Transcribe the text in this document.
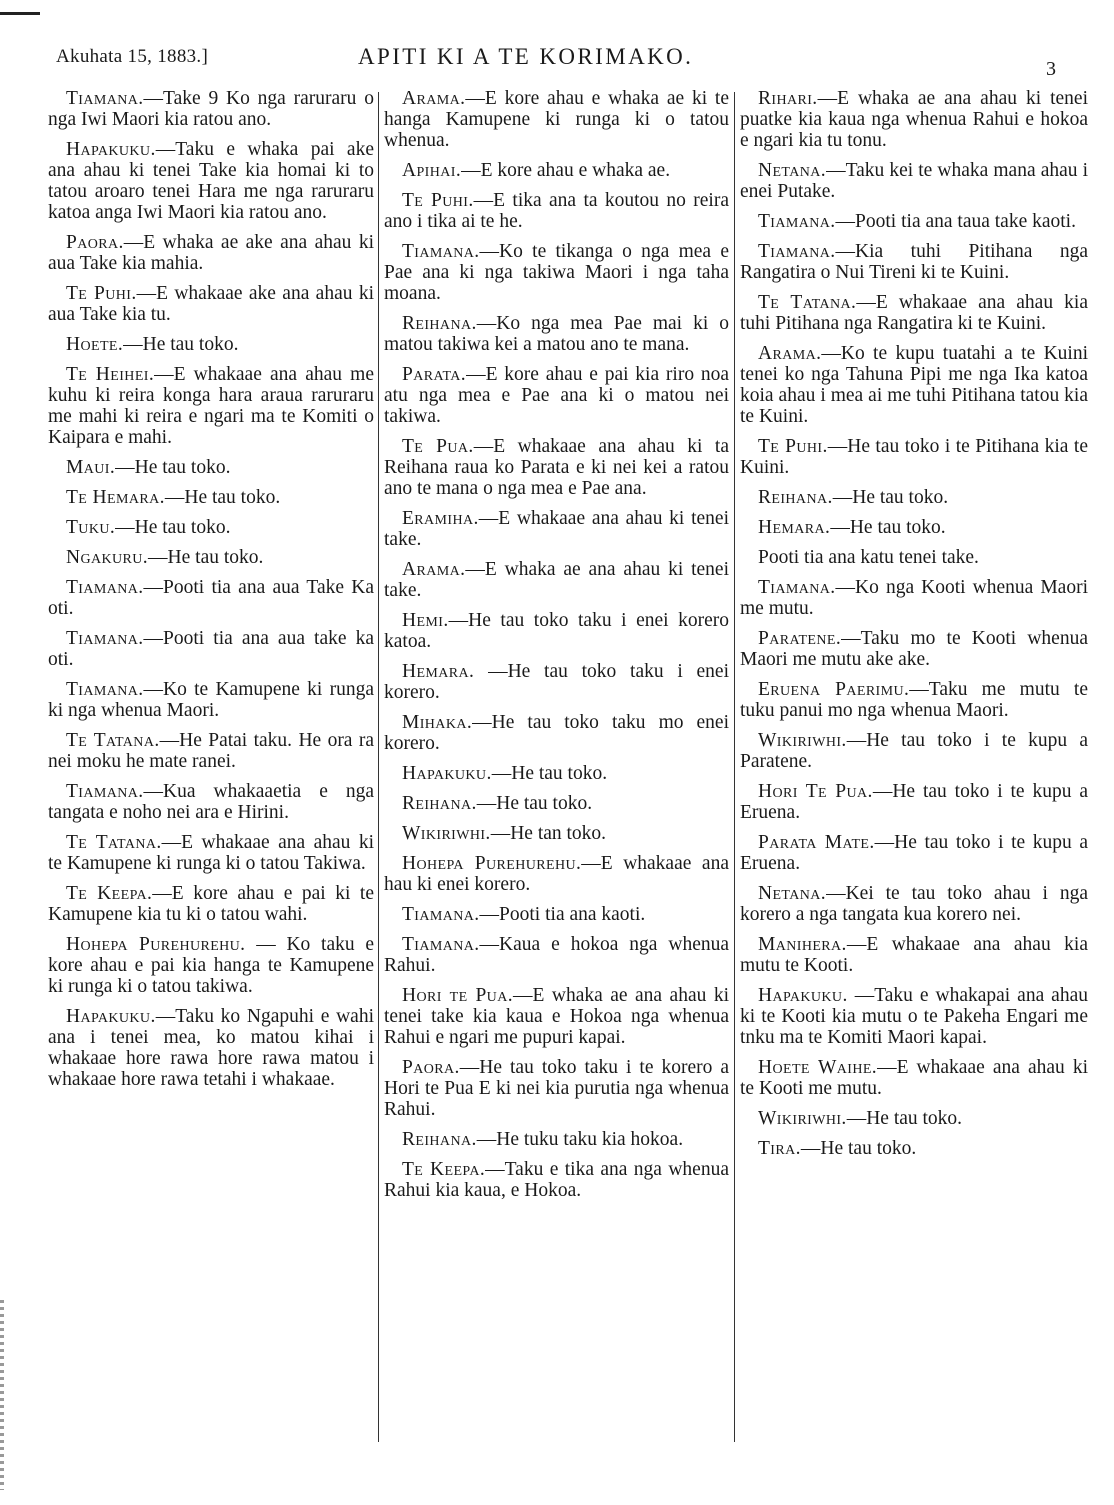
Akuhata 15, 1883.]	APITI KI A TE KORIMAKO.	3

Tiamana.—Take 9 Ko nga raruraru o nga Iwi Maori kia ratou ano.

Hapakuku.—Taku e whaka pai ake ana ahau ki tenei Take kia homai ki to tatou aroaro tenei Hara me nga raruraru katoa anga Iwi Maori kia ratou ano.

Paora.—E whaka ae ake ana ahau ki aua Take kia mahia.

Te Puhi.—E whakaae ake ana ahau ki aua Take kia tu.

Hoete.—He tau toko.

Te Heihei.—E whakaae ana ahau me kuhu ki reira konga hara araua raruraru me mahi ki reira e ngari ma te Komiti o Kaipara e mahi.

Maui.—He tau toko.

Te Hemara.—He tau toko.

Tuku.—He tau toko.

Ngakuru.—He tau toko.

Tiamana.—Pooti tia ana aua Take Ka oti.

Tiamana.—Pooti tia ana aua take ka oti.

Tiamana.—Ko te Kamupene ki runga ki nga whenua Maori.

Te Tatana.—He Patai taku. He ora ra nei moku he mate ranei.

Tiamana.—Kua whakaaetia e nga tangata e noho nei ara e Hirini.

Te Tatana.—E whakaae ana ahau ki te Kamupene ki runga ki o tatou Takiwa.

Te Keepa.—E kore ahau e pai ki te Kamupene kia tu ki o tatou wahi.

Hohepa Purehurehu. — Ko taku e kore ahau e pai kia hanga te Kamupene ki runga ki o tatou takiwa.

Hapakuku.—Taku ko Ngapuhi e wahi ana i tenei mea, ko matou kihai i whakaae hore rawa hore rawa matou i whakaae hore rawa tetahi i whakaae.

Arama.—E kore ahau e whaka ae ki te hanga Kamupene ki runga ki o tatou whenua.

Apihai.—E kore ahau e whaka ae.

Te Puhi.—E tika ana ta koutou no reira ano i tika ai te he.

Tiamana.—Ko te tikanga o nga mea e Pae ana ki nga takiwa Maori i nga taha moana.

Reihana.—Ko nga mea Pae mai ki o matou takiwa kei a matou ano te mana.

Parata.—E kore ahau e pai kia riro noa atu nga mea e Pae ana ki o matou nei takiwa.

Te Pua.—E whakaae ana ahau ki ta Reihana raua ko Parata e ki nei kei a ratou ano te mana o nga mea e Pae ana.

Eramiha.—E whakaae ana ahau ki tenei take.

Arama.—E whaka ae ana ahau ki tenei take.

Hemi.—He tau toko taku i enei korero katoa.

Hemara. —He tau toko taku i enei korero.

Mihaka.—He tau toko taku mo enei korero.

Hapakuku.—He tau toko.

Reihana.—He tau toko.

Wikiriwhi.—He tan toko.

Hohepa Purehurehu.—E whakaae ana hau ki enei korero.

Tiamana.—Pooti tia ana kaoti.

Tiamana.—Kaua e hokoa nga whenua Rahui.

Hori te Pua.—E whaka ae ana ahau ki tenei take kia kaua e Hokoa nga whenua Rahui e ngari me pupuri kapai.

Paora.—He tau toko taku i te korero a Hori te Pua E ki nei kia purutia nga whenua Rahui.

Reihana.—He tuku taku kia hokoa.

Te Keepa.—Taku e tika ana nga whenua Rahui kia kaua, e Hokoa.

Rihari.—E whaka ae ana ahau ki tenei puatke kia kaua nga whenua Rahui e hokoa e ngari kia tu tonu.

Netana.—Taku kei te whaka mana ahau i enei Putake.

Tiamana.—Pooti tia ana taua take kaoti.

Tiamana.—Kia tuhi Pitihana nga Rangatira o Nui Tireni ki te Kuini.

Te Tatana.—E whakaae ana ahau kia tuhi Pitihana nga Rangatira ki te Kuini.

Arama.—Ko te kupu tuatahi a te Kuini tenei ko nga Tahuna Pipi me nga Ika katoa koia ahau i mea ai me tuhi Pitihana tatou kia te Kuini.

Te Puhi.—He tau toko i te Pitihana kia te Kuini.

Reihana.—He tau toko.

Hemara.—He tau toko.

Pooti tia ana katu tenei take.

Tiamana.—Ko nga Kooti whenua Maori me mutu.

Paratene.—Taku mo te Kooti whenua Maori me mutu ake ake.

Eruena Paerimu.—Taku me mutu te tuku panui mo nga whenua Maori.

Wikiriwhi.—He tau toko i te kupu a Paratene.

Hori Te Pua.—He tau toko i te kupu a Eruena.

Parata Mate.—He tau toko i te kupu a Eruena.

Netana.—Kei te tau toko ahau i nga korero a nga tangata kua korero nei.

Manihera.—E whakaae ana ahau kia mutu te Kooti.

Hapakuku. —Taku e whakapai ana ahau ki te Kooti kia mutu o te Pakeha Engari me tnku ma te Komiti Maori kapai.

Hoete Waihe.—E whakaae ana ahau ki te Kooti me mutu.

Wikiriwhi.—He tau toko.

Tira.—He tau toko.
